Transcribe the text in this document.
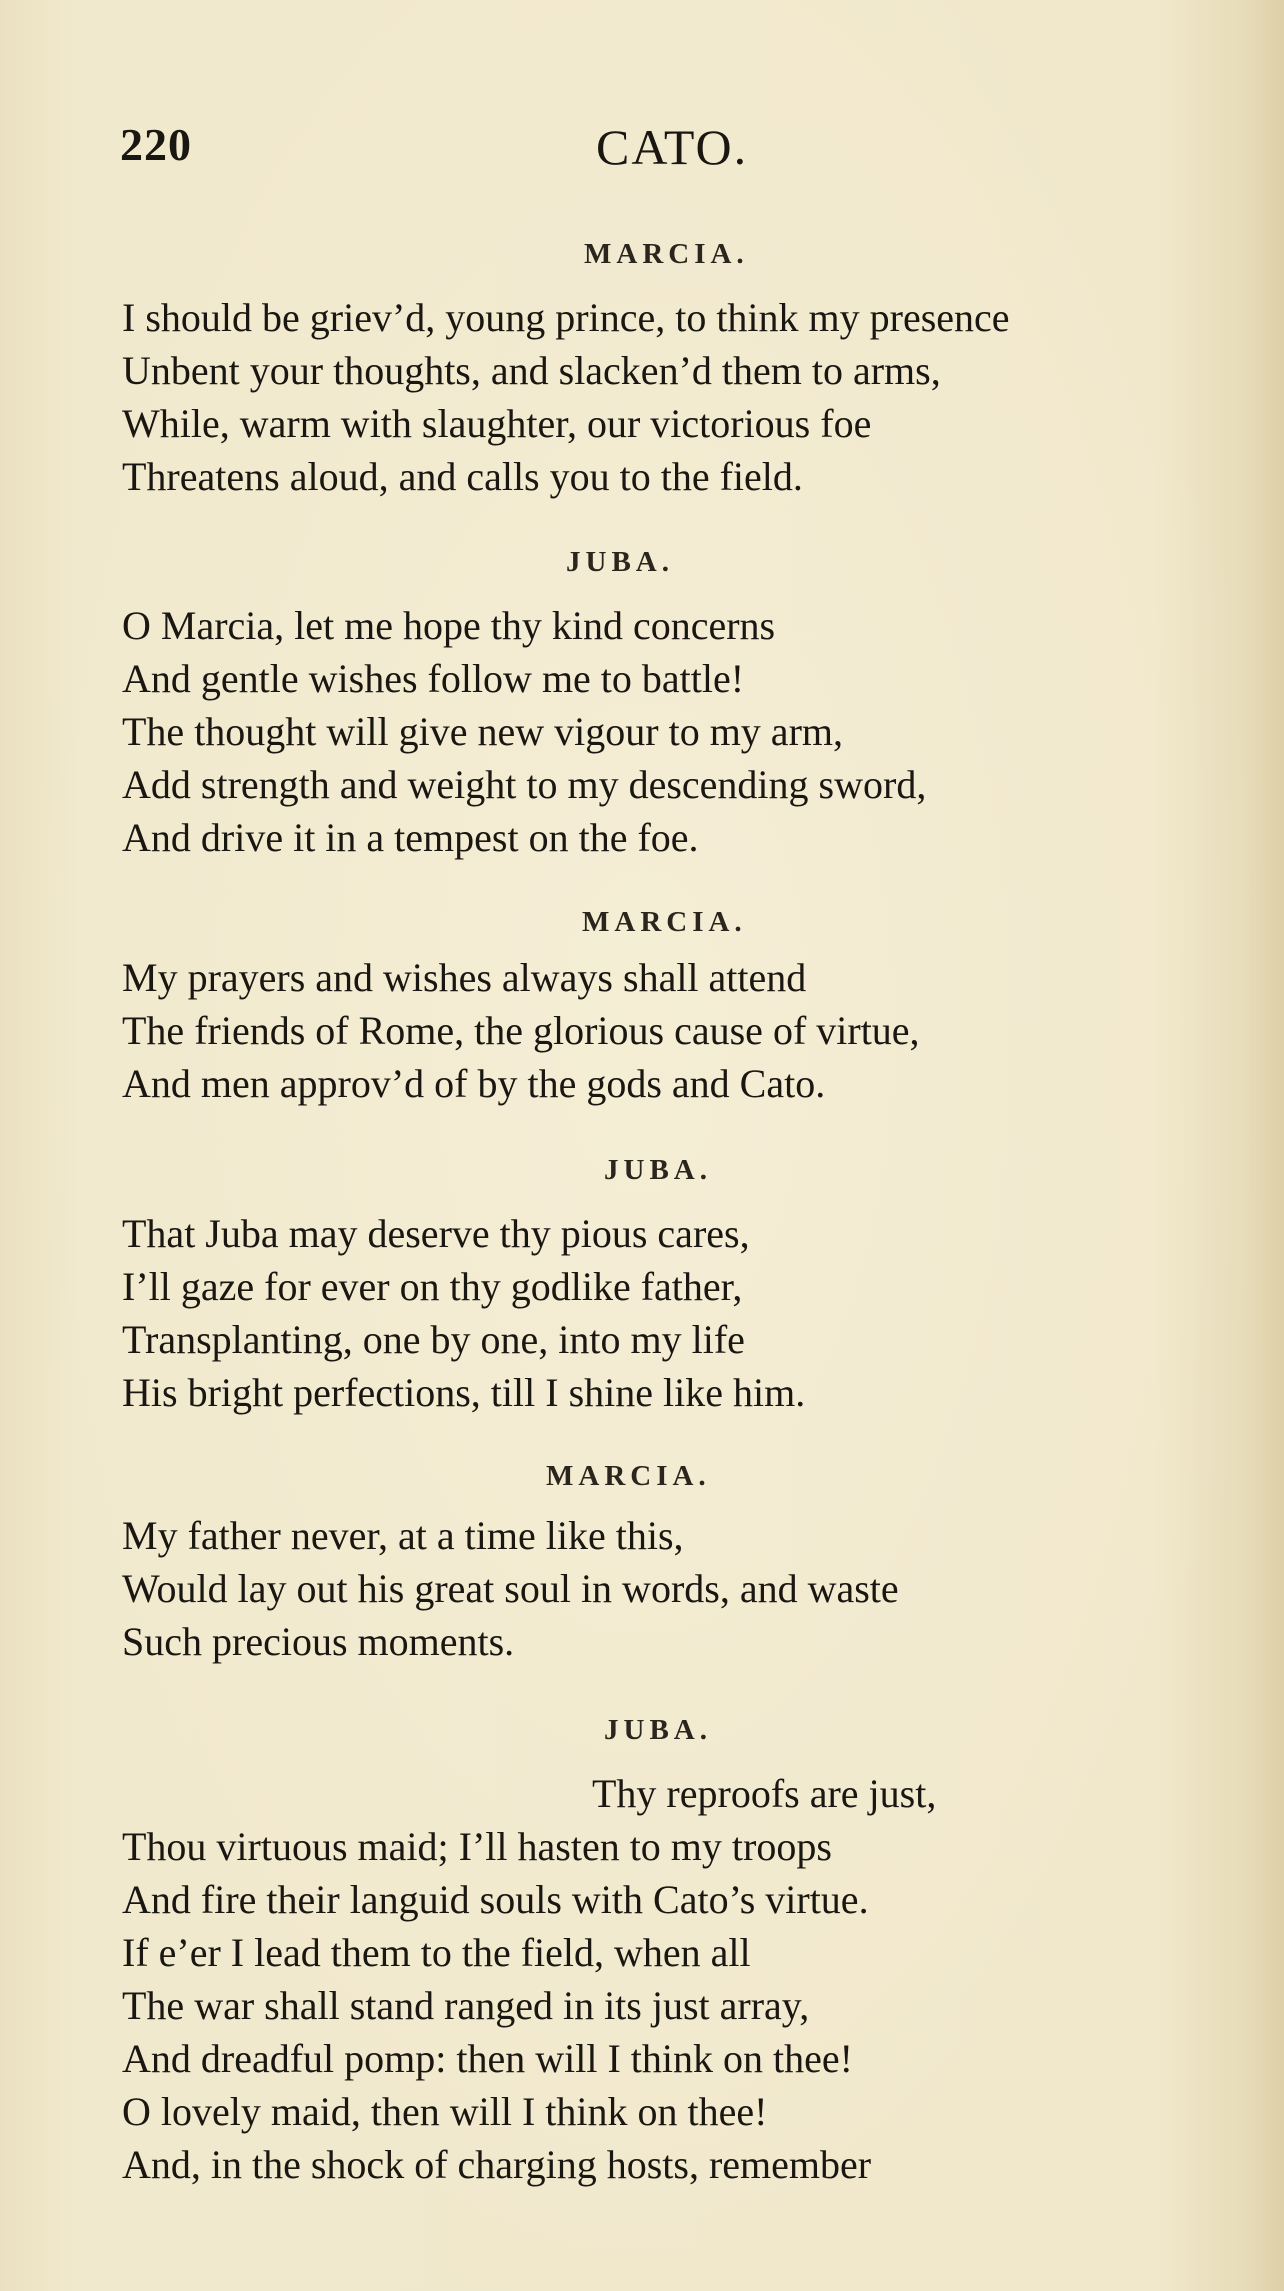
220	CATO.
MARCIA.
I should be griev’d, young prince, to think my presence
Unbent your thoughts, and slacken’d them to arms,
While, warm with slaughter, our victorious foe
Threatens aloud, and calls you to the field.
JUBA.
O Marcia, let me hope thy kind concerns
And gentle wishes follow me to battle!
The thought will give new vigour to my arm,
Add strength and weight to my descending sword,
And drive it in a tempest on the foe.
MARCIA.
My prayers and wishes always shall attend
The friends of Rome, the glorious cause of virtue,
And men approv’d of by the gods and Cato.
JUBA.
That Juba may deserve thy pious cares,
I’ll gaze for ever on thy godlike father,
Transplanting, one by one, into my life
His bright perfections, till I shine like him.
MARCIA.
My father never, at a time like this,
Would lay out his great soul in words, and waste
Such precious moments.
JUBA.
Thy reproofs are just,
Thou virtuous maid; I’ll hasten to my troops
And fire their languid souls with Cato’s virtue.
If e’er I lead them to the field, when all
The war shall stand ranged in its just array,
And dreadful pomp: then will I think on thee!
O lovely maid, then will I think on thee!
And, in the shock of charging hosts, remember
